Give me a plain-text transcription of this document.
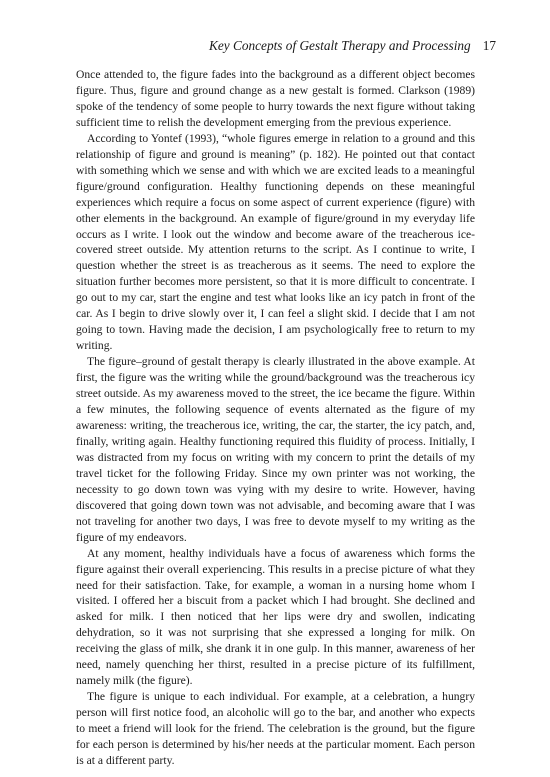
Key Concepts of Gestalt Therapy and Processing 17

Once attended to, the figure fades into the background as a different object becomes figure. Thus, figure and ground change as a new gestalt is formed. Clarkson (1989) spoke of the tendency of some people to hurry towards the next figure without taking sufficient time to relish the development emerging from the previous experience.

According to Yontef (1993), “whole figures emerge in relation to a ground and this relationship of figure and ground is meaning” (p. 182). He pointed out that contact with something which we sense and with which we are excited leads to a meaningful figure/ground configuration. Healthy functioning depends on these meaningful experiences which require a focus on some aspect of current experience (figure) with other elements in the background. An example of figure/ground in my everyday life occurs as I write. I look out the window and become aware of the treacherous ice-covered street outside. My attention returns to the script. As I continue to write, I question whether the street is as treacherous as it seems. The need to explore the situation further becomes more persistent, so that it is more difficult to concentrate. I go out to my car, start the engine and test what looks like an icy patch in front of the car. As I begin to drive slowly over it, I can feel a slight skid. I decide that I am not going to town. Having made the decision, I am psychologically free to return to my writing.

The figure–ground of gestalt therapy is clearly illustrated in the above example. At first, the figure was the writing while the ground/background was the treacherous icy street outside. As my awareness moved to the street, the ice became the figure. Within a few minutes, the following sequence of events alternated as the figure of my awareness: writing, the treacherous ice, writing, the car, the starter, the icy patch, and, finally, writing again. Healthy functioning required this fluidity of process. Initially, I was distracted from my focus on writing with my concern to print the details of my travel ticket for the following Friday. Since my own printer was not working, the necessity to go down town was vying with my desire to write. However, having discovered that going down town was not advisable, and becoming aware that I was not traveling for another two days, I was free to devote myself to my writing as the figure of my endeavors.

At any moment, healthy individuals have a focus of awareness which forms the figure against their overall experiencing. This results in a precise picture of what they need for their satisfaction. Take, for example, a woman in a nursing home whom I visited. I offered her a biscuit from a packet which I had brought. She declined and asked for milk. I then noticed that her lips were dry and swollen, indicating dehydration, so it was not surprising that she expressed a longing for milk. On receiving the glass of milk, she drank it in one gulp. In this manner, awareness of her need, namely quenching her thirst, resulted in a precise picture of its fulfillment, namely milk (the figure).

The figure is unique to each individual. For example, at a celebration, a hungry person will first notice food, an alcoholic will go to the bar, and another who expects to meet a friend will look for the friend. The celebration is the ground, but the figure for each person is determined by his/her needs at the particular moment. Each person is at a different party.
